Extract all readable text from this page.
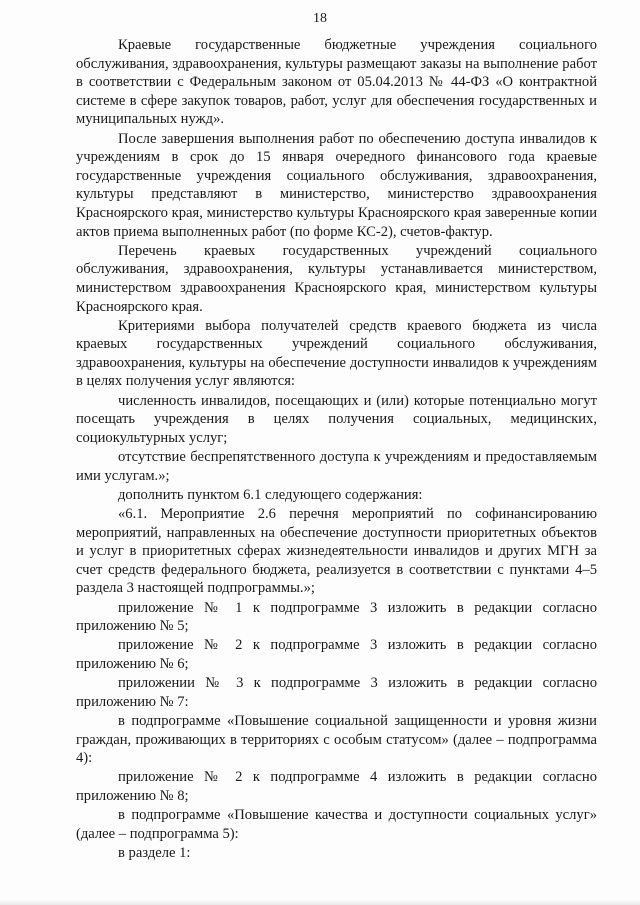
18

Краевые государственные бюджетные учреждения социального обслуживания, здравоохранения, культуры размещают заказы на выполнение работ в соответствии с Федеральным законом от 05.04.2013 № 44-ФЗ «О контрактной системе в сфере закупок товаров, работ, услуг для обеспечения государственных и муниципальных нужд».

После завершения выполнения работ по обеспечению доступа инвалидов к учреждениям в срок до 15 января очередного финансового года краевые государственные учреждения социального обслуживания, здравоохранения, культуры представляют в министерство, министерство здравоохранения Красноярского края, министерство культуры Красноярского края заверенные копии актов приема выполненных работ (по форме КС-2), счетов-фактур.

Перечень краевых государственных учреждений социального обслуживания, здравоохранения, культуры устанавливается министерством, министерством здравоохранения Красноярского края, министерством культуры Красноярского края.

Критериями выбора получателей средств краевого бюджета из числа краевых государственных учреждений социального обслуживания, здравоохранения, культуры на обеспечение доступности инвалидов к учреждениям в целях получения услуг являются:

численность инвалидов, посещающих и (или) которые потенциально могут посещать учреждения в целях получения социальных, медицинских, социокультурных услуг;

отсутствие беспрепятственного доступа к учреждениям и предоставляемым ими услугам.»;

дополнить пунктом 6.1 следующего содержания:

«6.1. Мероприятие 2.6 перечня мероприятий по софинансированию мероприятий, направленных на обеспечение доступности приоритетных объектов и услуг в приоритетных сферах жизнедеятельности инвалидов и других МГН за счет средств федерального бюджета, реализуется в соответствии с пунктами 4–5 раздела 3 настоящей подпрограммы.»;

приложение № 1 к подпрограмме 3 изложить в редакции согласно приложению № 5;

приложение № 2 к подпрограмме 3 изложить в редакции согласно приложению № 6;

приложении № 3 к подпрограмме 3 изложить в редакции согласно приложению № 7:

в подпрограмме «Повышение социальной защищенности и уровня жизни граждан, проживающих в территориях с особым статусом» (далее – подпрограмма 4):

приложение № 2 к подпрограмме 4 изложить в редакции согласно приложению № 8;

в подпрограмме «Повышение качества и доступности социальных услуг» (далее – подпрограмма 5):

в разделе 1:
